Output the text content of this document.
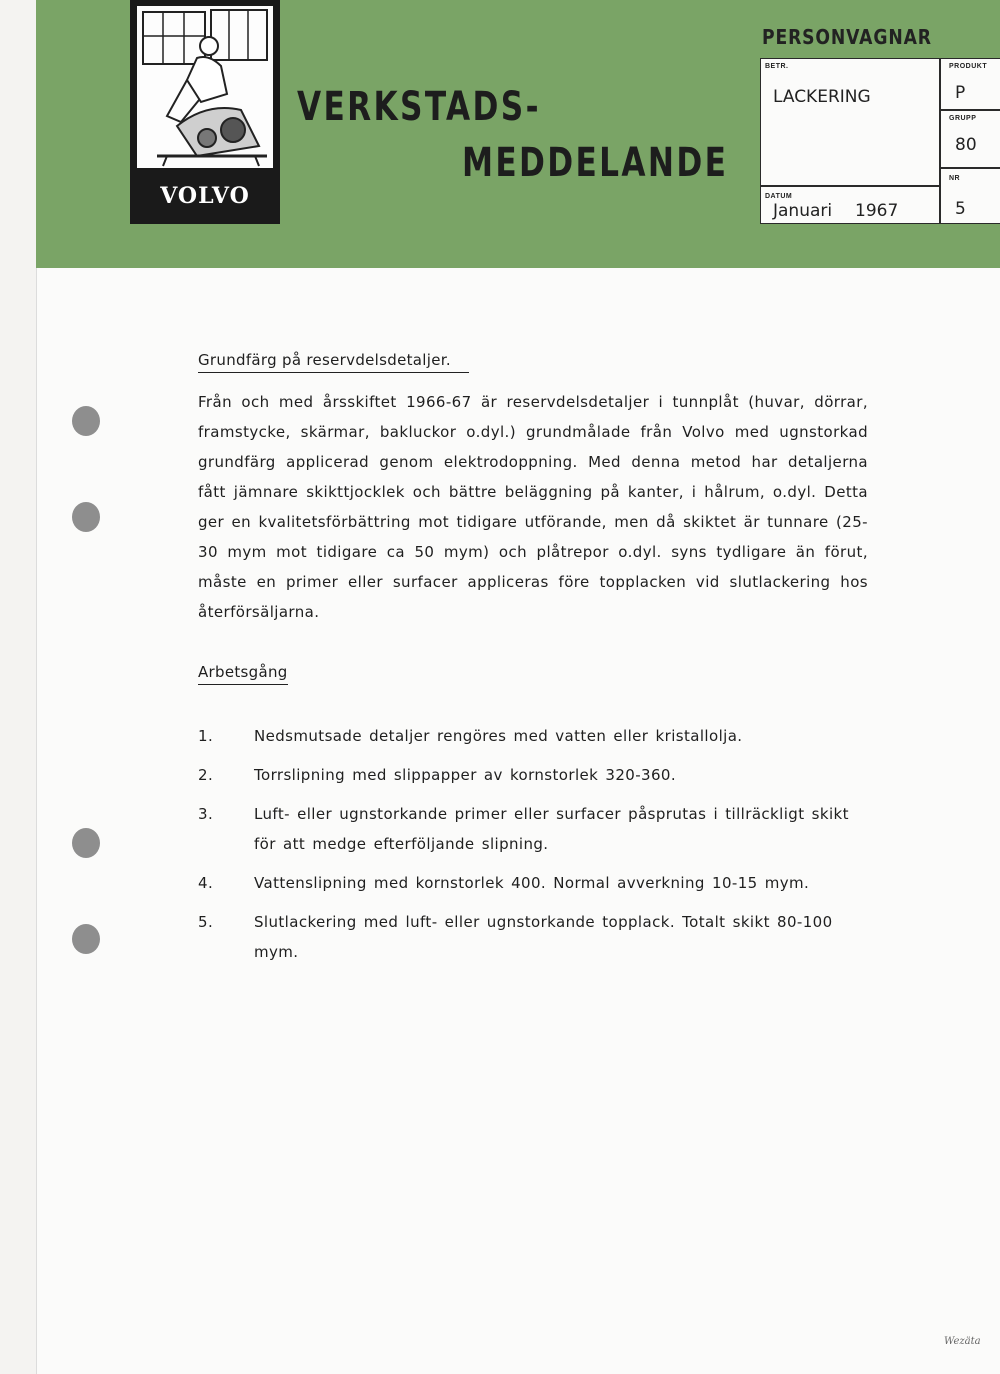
VOLVO
VERKSTADS-
MEDDELANDE
PERSONVAGNAR
BETR.
LACKERING
DATUM
Januari 1967
PRODUKT
P
GRUPP
80
NR
5
Grundfärg på reservdelsdetaljer.
Från och med årsskiftet 1966-67 är reservdelsdetaljer i tunnplåt (huvar, dörrar, framstycke, skärmar, bakluckor o.dyl.) grundmålade från Volvo med ugnstorkad grundfärg applicerad genom elektrodoppning. Med denna metod har detaljerna fått jämnare skikttjocklek och bättre beläggning på kanter, i hålrum, o.dyl. Detta ger en kvalitetsförbättring mot tidigare utförande, men då skiktet är tunnare (25-30 mym mot tidigare ca 50 mym) och plåtrepor o.dyl. syns tydligare än förut, måste en primer eller surfacer appliceras före topplacken vid slutlackering hos återförsäljarna.
Arbetsgång
1.	Nedsmutsade detaljer rengöres med vatten eller kristallolja.
2.	Torrslipning med slippapper av kornstorlek 320-360.
3.	Luft- eller ugnstorkande primer eller surfacer påsprutas i tillräckligt skikt för att medge efterföljande slipning.
4.	Vattenslipning med kornstorlek 400. Normal avverkning 10-15 mym.
5.	Slutlackering med luft- eller ugnstorkande topplack. Totalt skikt 80-100 mym.
Wezäta
